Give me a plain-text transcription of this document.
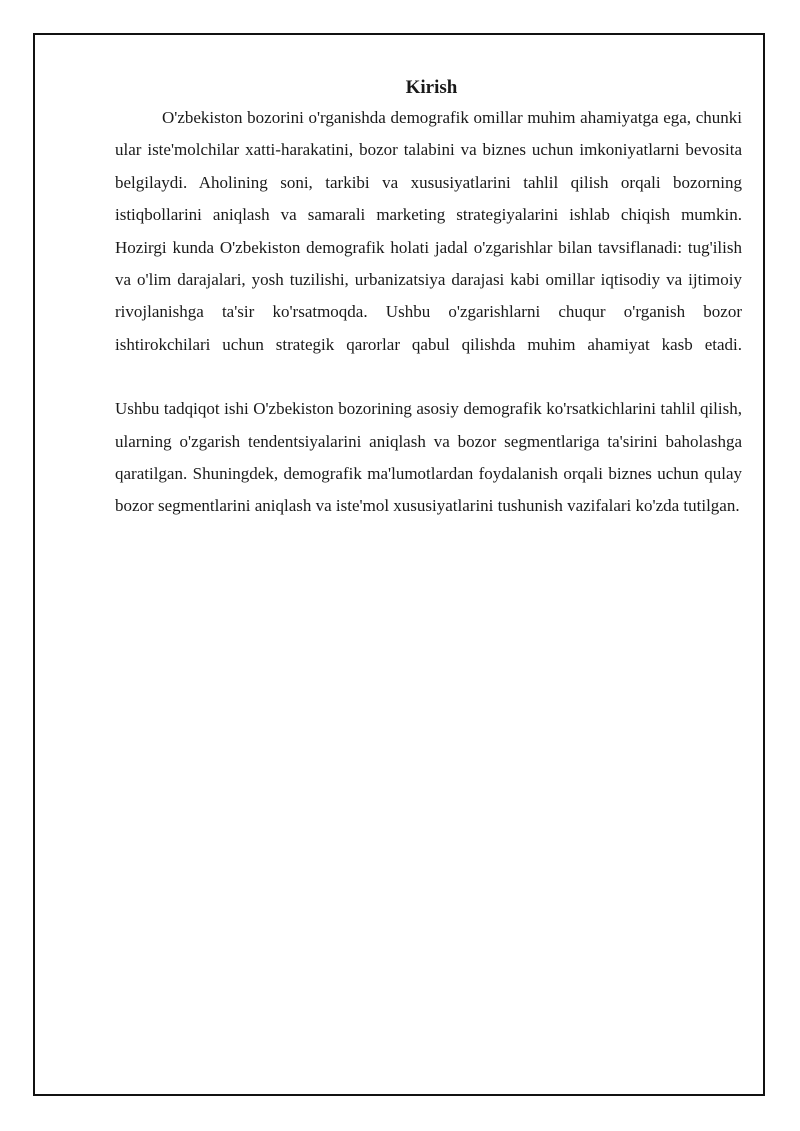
Kirish

O'zbekiston bozorini o'rganishda demografik omillar muhim ahamiyatga ega, chunki ular iste'molchilar xatti-harakatini, bozor talabini va biznes uchun imkoniyatlarni bevosita belgilaydi. Aholining soni, tarkibi va xususiyatlarini tahlil qilish orqali bozorning istiqbollarini aniqlash va samarali marketing strategiyalarini ishlab chiqish mumkin. Hozirgi kunda O'zbekiston demografik holati jadal o'zgarishlar bilan tavsiflanadi: tug'ilish va o'lim darajalari, yosh tuzilishi, urbanizatsiya darajasi kabi omillar iqtisodiy va ijtimoiy rivojlanishga ta'sir ko'rsatmoqda. Ushbu o'zgarishlarni chuqur o'rganish bozor ishtirokchilari uchun strategik qarorlar qabul qilishda muhim ahamiyat kasb etadi.

Ushbu tadqiqot ishi O'zbekiston bozorining asosiy demografik ko'rsatkichlarini tahlil qilish, ularning o'zgarish tendentsiyalarini aniqlash va bozor segmentlariga ta'sirini baholashga qaratilgan. Shuningdek, demografik ma'lumotlardan foydalanish orqali biznes uchun qulay bozor segmentlarini aniqlash va iste'mol xususiyatlarini tushunish vazifalari ko'zda tutilgan.
